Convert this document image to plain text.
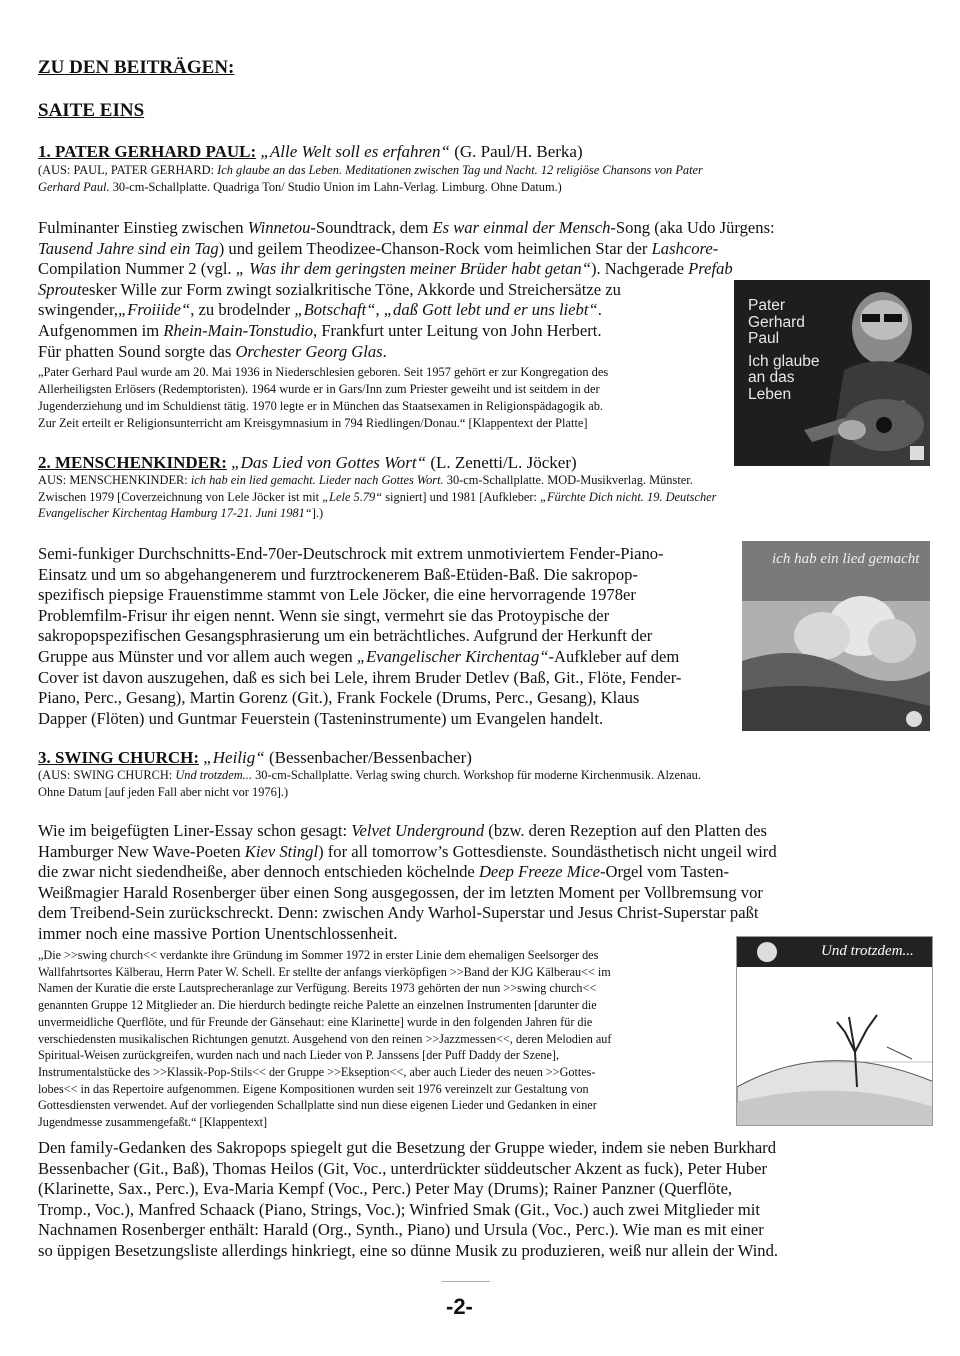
ZU DEN BEITRÄGEN:
SAITE EINS
1. PATER GERHARD PAUL: „Alle Welt soll es erfahren“ (G. Paul/H. Berka)
(AUS: PAUL, PATER GERHARD: Ich glaube an das Leben. Meditationen zwischen Tag und Nacht. 12 religiöse Chansons von Pater
Gerhard Paul. 30-cm-Schallplatte. Quadriga Ton/ Studio Union im Lahn-Verlag. Limburg. Ohne Datum.)
Fulminanter Einstieg zwischen Winnetou-Soundtrack, dem Es war einmal der Mensch-Song (aka Udo Jürgens:
Tausend Jahre sind ein Tag) und geilem Theodizee-Chanson-Rock vom heimlichen Star der Lashcore-
Compilation Nummer 2 (vgl. „ Was ihr dem geringsten meiner Brüder habt getan“). Nachgerade Prefab
Sproutesker Wille zur Form zwingt sozialkritische Töne, Akkorde und Streichersätze zu
swingender,„Froiiide“, zu brodelnder „Botschaft“, „daß Gott lebt und er uns liebt“.
Aufgenommen im Rhein-Main-Tonstudio, Frankfurt unter Leitung von John Herbert.
Für phatten Sound sorgte das Orchester Georg Glas.
„Pater Gerhard Paul wurde am 20. Mai 1936 in Niederschlesien geboren. Seit 1957 gehört er zur Kongregation des
Allerheiligsten Erlösers (Redemptoristen). 1964 wurde er in Gars/Inn zum Priester geweiht und ist seitdem in der
Jugenderziehung und im Schuldienst tätig. 1970 legte er in München das Staatsexamen in Religionspädagogik ab.
Zur Zeit erteilt er Religionsunterricht am Kreisgymnasium in 794 Riedlingen/Donau.“ [Klappentext der Platte]
Pater
Gerhard
Paul
Ich glaube
an das
Leben
2. MENSCHENKINDER: „Das Lied von Gottes Wort“ (L. Zenetti/L. Jöcker)
AUS: MENSCHENKINDER: ich hab ein lied gemacht. Lieder nach Gottes Wort. 30-cm-Schallplatte. MOD-Musikverlag. Münster.
Zwischen 1979 [Coverzeichnung von Lele Jöcker ist mit „Lele 5.79“ signiert] und 1981 [Aufkleber: „Fürchte Dich nicht. 19. Deutscher
Evangelischer Kirchentag Hamburg 17-21. Juni 1981“].)
Semi-funkiger Durchschnitts-End-70er-Deutschrock mit extrem unmotiviertem Fender-Piano-
Einsatz und um so abgehangenerem und furztrockenerem Baß-Etüden-Baß. Die sakropop-
spezifisch piepsige Frauenstimme stammt von Lele Jöcker, die eine hervorragende 1978er
Problemfilm-Frisur ihr eigen nennt. Wenn sie singt, vermehrt sie das Protoypische der
sakropopspezifischen Gesangsphrasierung um ein beträchtliches. Aufgrund der Herkunft der
Gruppe aus Münster und vor allem auch wegen „Evangelischer Kirchentag“-Aufkleber auf dem
Cover ist davon auszugehen, daß es sich bei Lele, ihrem Bruder Detlev (Baß, Git., Flöte, Fender-
Piano, Perc., Gesang), Martin Gorenz (Git.), Frank Fockele (Drums, Perc., Gesang), Klaus
Dapper (Flöten) und Guntmar Feuerstein (Tasteninstrumente) um Evangelen handelt.
ich hab ein lied gemacht
3. SWING CHURCH: „Heilig“ (Bessenbacher/Bessenbacher)
(AUS: SWING CHURCH: Und trotzdem... 30-cm-Schallplatte. Verlag swing church. Workshop für moderne Kirchenmusik. Alzenau.
Ohne Datum [auf jeden Fall aber nicht vor 1976].)
Wie im beigefügten Liner-Essay schon gesagt: Velvet Underground (bzw. deren Rezeption auf den Platten des
Hamburger New Wave-Poeten Kiev Stingl) for all tomorrow’s Gottesdienste. Soundästhetisch nicht ungeil wird
die zwar nicht siedendheiße, aber dennoch entschieden köchelnde Deep Freeze Mice-Orgel vom Tasten-
Weißmagier Harald Rosenberger über einen Song ausgegossen, der im letzten Moment per Vollbremsung vor
dem Treibend-Sein zurückschreckt. Denn: zwischen Andy Warhol-Superstar und Jesus Christ-Superstar paßt
immer noch eine massive Portion Unentschlossenheit.
„Die >>swing church<< verdankte ihre Gründung im Sommer 1972 in erster Linie dem ehemaligen Seelsorger des
Wallfahrtsortes Kälberau, Herrn Pater W. Schell. Er stellte der anfangs vierköpfigen >>Band der KJG Kälberau<< im
Namen der Kuratie die erste Lautsprecheranlage zur Verfügung. Bereits 1973 gehörten der nun >>swing church<<
genannten Gruppe 12 Mitglieder an. Die hierdurch bedingte reiche Palette an einzelnen Instrumenten [darunter die
unvermeidliche Querflöte, und für Freunde der Gänsehaut: eine Klarinette] wurde in den folgenden Jahren für die
verschiedensten musikalischen Richtungen genutzt. Ausgehend von den reinen >>Jazzmessen<<, deren Melodien auf
Spiritual-Weisen zurückgreifen, wurden nach und nach Lieder von P. Janssens [der Puff Daddy der Szene],
Instrumentalstücke des >>Klassik-Pop-Stils<< der Gruppe >>Ekseption<<, aber auch Lieder des neuen >>Gottes-
lobes<< in das Repertoire aufgenommen. Eigene Kompositionen wurden seit 1976 vereinzelt zur Gestaltung von
Gottesdiensten verwendet. Auf der vorliegenden Schallplatte sind nun diese eigenen Lieder und Gedanken in einer
Jugendmesse zusammengefaßt.“ [Klappentext]
Und trotzdem...
Den family-Gedanken des Sakropops spiegelt gut die Besetzung der Gruppe wieder, indem sie neben Burkhard
Bessenbacher (Git., Baß), Thomas Heilos (Git, Voc., unterdrückter süddeutscher Akzent as fuck), Peter Huber
(Klarinette, Sax., Perc.), Eva-Maria Kempf (Voc., Perc.) Peter May (Drums); Rainer Panzner (Querflöte,
Tromp., Voc.), Manfred Schaack (Piano, Strings, Voc.); Winfried Smak (Git., Voc.) auch zwei Mitglieder mit
Nachnamen Rosenberger enthält: Harald (Org., Synth., Piano) und Ursula (Voc., Perc.). Wie man es mit einer
so üppigen Besetzungsliste allerdings hinkriegt, eine so dünne Musik zu produzieren, weiß nur allein der Wind.
-2-
